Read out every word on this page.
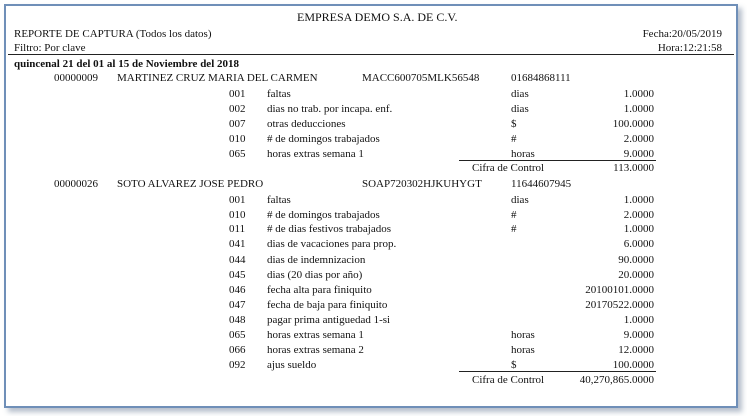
EMPRESA DEMO S.A. DE C.V.
REPORTE DE CAPTURA (Todos los datos)	Fecha:20/05/2019
Filtro: Por clave	Hora:12:21:58
quincenal 21 del 01 al 15 de Noviembre del 2018
00000009 MARTINEZ CRUZ MARIA DEL CARMEN	MACC600705MLK56548	01684868111
001 faltas	dias	1.0000
002 dias no trab. por incapa. enf.	dias	1.0000
007 otras deducciones	$	100.0000
010 # de domingos trabajados	#	2.0000
065 horas extras semana 1	horas	9.0000
Cifra de Control	113.0000
00000026 SOTO ALVAREZ JOSE PEDRO	SOAP720302HJKUHYGT	11644607945
001 faltas	dias	1.0000
010 # de domingos trabajados	#	2.0000
011 # de dias festivos trabajados	#	1.0000
041 dias de vacaciones para prop.	6.0000
044 dias de indemnizacion	90.0000
045 dias (20 dias por año)	20.0000
046 fecha alta para finiquito	20100101.0000
047 fecha de baja para finiquito	20170522.0000
048 pagar prima antiguedad 1-si	1.0000
065 horas extras semana 1	horas	9.0000
066 horas extras semana 2	horas	12.0000
092 ajus sueldo	$	100.0000
Cifra de Control	40,270,865.0000
